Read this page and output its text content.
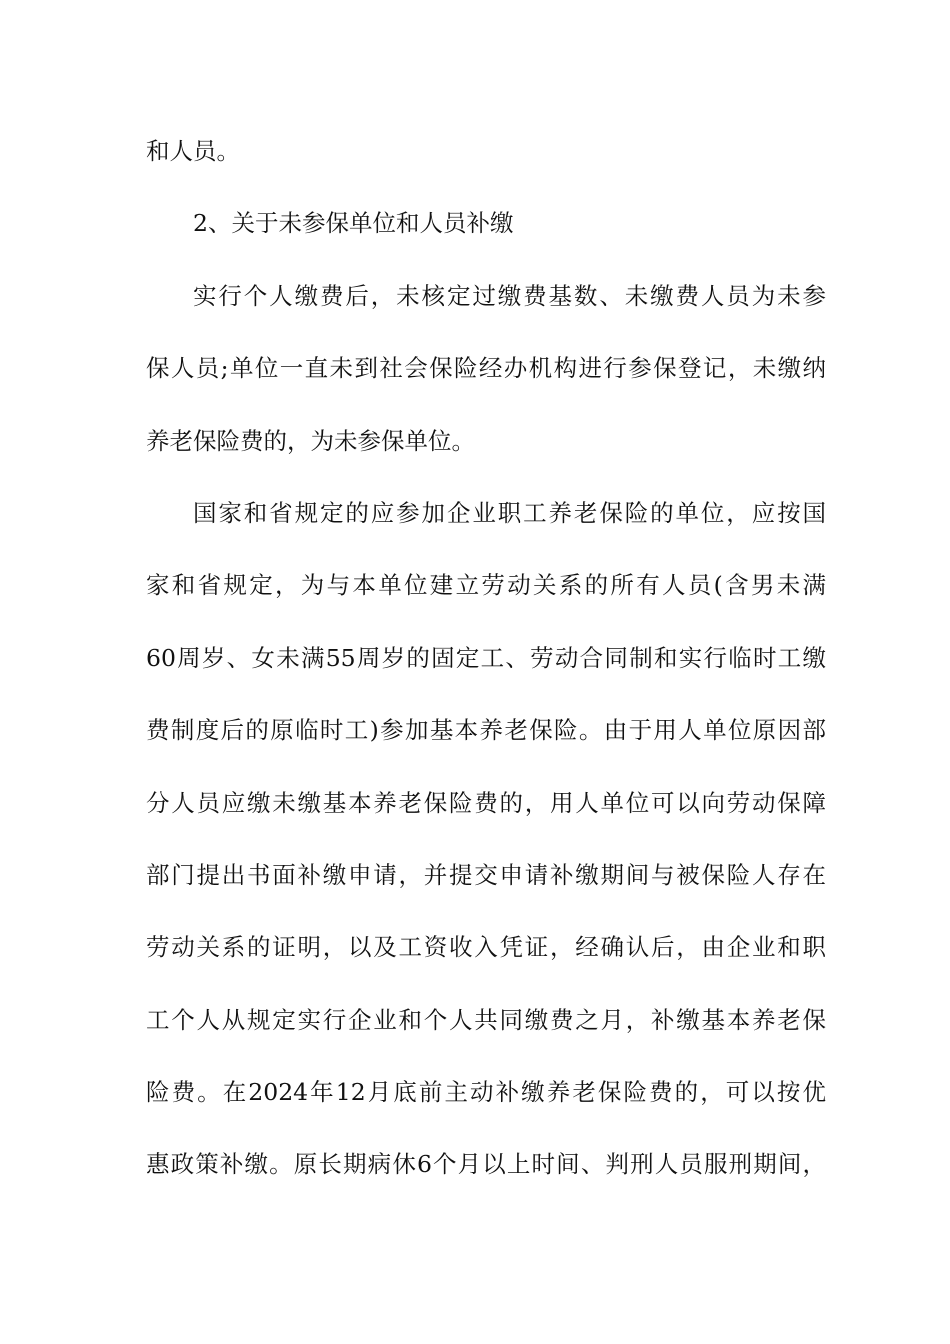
和人员。
2、关于未参保单位和人员补缴
实行个人缴费后，未核定过缴费基数、未缴费人员为未参
保人员;单位一直未到社会保险经办机构进行参保登记，未缴纳
养老保险费的，为未参保单位。
国家和省规定的应参加企业职工养老保险的单位，应按国
家和省规定，为与本单位建立劳动关系的所有人员(含男未满
60周岁、女未满55周岁的固定工、劳动合同制和实行临时工缴
费制度后的原临时工)参加基本养老保险。由于用人单位原因部
分人员应缴未缴基本养老保险费的，用人单位可以向劳动保障
部门提出书面补缴申请，并提交申请补缴期间与被保险人存在
劳动关系的证明，以及工资收入凭证，经确认后，由企业和职
工个人从规定实行企业和个人共同缴费之月，补缴基本养老保
险费。在2024年12月底前主动补缴养老保险费的，可以按优
惠政策补缴。原长期病休6个月以上时间、判刑人员服刑期间，
